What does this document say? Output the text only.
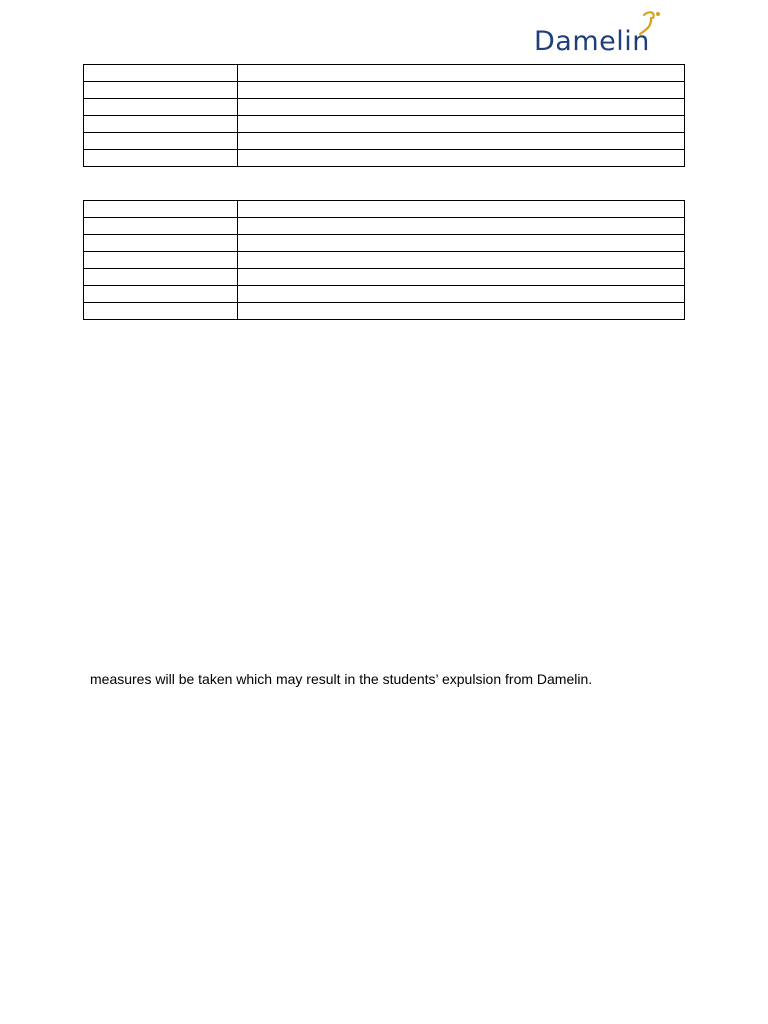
Damelin

measures will be taken which may result in the students’ expulsion from Damelin.
